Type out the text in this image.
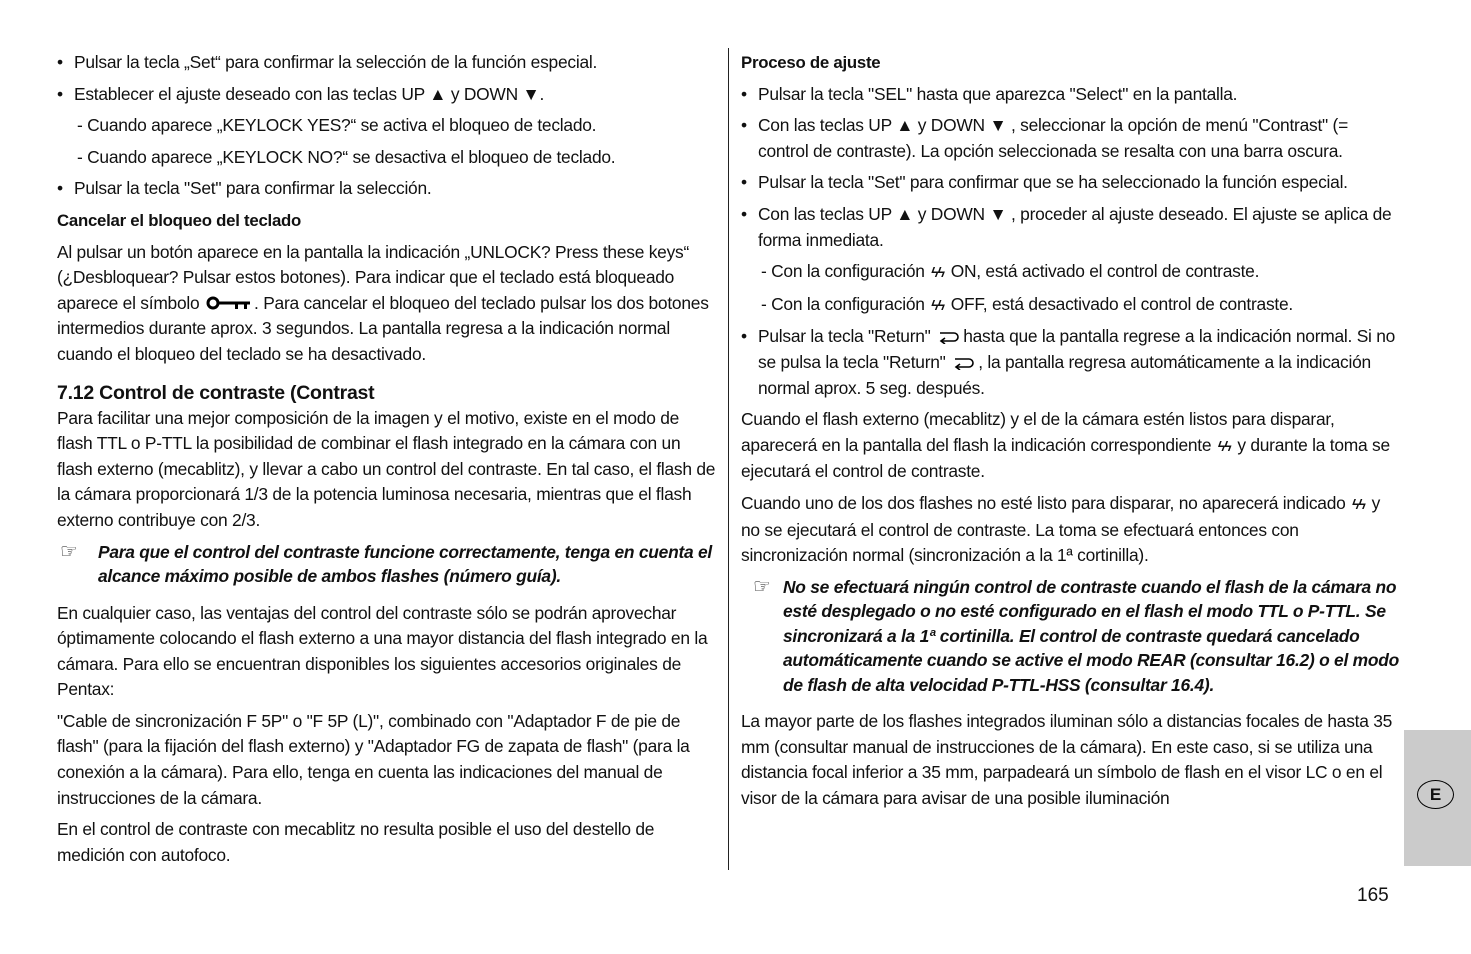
• Pulsar la tecla „Set“ para confirmar la selección de la función especial.

• Establecer el ajuste deseado con las teclas UP ▲ y DOWN ▼.

- Cuando aparece „KEYLOCK YES?“ se activa el bloqueo de teclado.

- Cuando aparece „KEYLOCK NO?“ se desactiva el bloqueo de teclado.

• Pulsar la tecla "Set" para confirmar la selección.

Cancelar el bloqueo del teclado

Al pulsar un botón aparece en la pantalla la indicación „UNLOCK? Press these keys“ (¿Desbloquear? Pulsar estos botones). Para indicar que el teclado está bloqueado aparece el símbolo	. Para cancelar el bloqueo del teclado pulsar los dos botones intermedios durante aprox. 3 segundos. La pantalla regresa a la indicación normal cuando el bloqueo del teclado se ha desactivado.

7.12 Control de contraste (Contrast

Para facilitar una mejor composición de la imagen y el motivo, existe en el modo de flash TTL o P-TTL la posibilidad de combinar el flash integrado en la cámara con un flash externo (mecablitz), y llevar a cabo un control del contraste. En tal caso, el flash de la cámara proporcionará 1/3 de la potencia luminosa necesaria, mientras que el flash externo contribuye con 2/3.

☞ Para que el control del contraste funcione correctamente, tenga en cuenta el alcance máximo posible de ambos flashes (número guía).

En cualquier caso, las ventajas del control del contraste sólo se podrán aprovechar óptimamente colocando el flash externo a una mayor distancia del flash integrado en la cámara. Para ello se encuentran disponibles los siguientes accesorios originales de Pentax:

"Cable de sincronización F 5P" o "F 5P (L)", combinado con "Adaptador F de pie de flash" (para la fijación del flash externo) y "Adaptador FG de zapata de flash" (para la conexión a la cámara). Para ello, tenga en cuenta las indicaciones del manual de instrucciones de la cámara.

En el control de contraste con mecablitz no resulta posible el uso del destello de medición con autofoco.

Proceso de ajuste

• Pulsar la tecla "SEL" hasta que aparezca "Select" en la pantalla.

• Con las teclas UP ▲ y DOWN ▼ , seleccionar la opción de menú "Contrast" (= control de contraste). La opción seleccionada se resalta con una barra oscura.

• Pulsar la tecla "Set" para confirmar que se ha seleccionado la función especial.

• Con las teclas UP ▲ y DOWN ▼ , proceder al ajuste deseado. El ajuste se aplica de forma inmediata.

- Con la configuración ϟϟ ON, está activado el control de contraste.

- Con la configuración ϟϟ OFF, está desactivado el control de contraste.

• Pulsar la tecla "Return" hasta que la pantalla regrese a la indicación normal. Si no se pulsa la tecla "Return" , la pantalla regresa automáticamente a la indicación normal aprox. 5 seg. después.

Cuando el flash externo (mecablitz) y el de la cámara estén listos para disparar, aparecerá en la pantalla del flash la indicación correspondiente ϟϟ y durante la toma se ejecutará el control de contraste.

Cuando uno de los dos flashes no esté listo para disparar, no aparecerá indicado ϟϟ y no se ejecutará el control de contraste. La toma se efectuará entonces con sincronización normal (sincronización a la 1ª cortinilla).

☞ No se efectuará ningún control de contraste cuando el flash de la cámara no esté desplegado o no esté configurado en el flash el modo TTL o P-TTL. Se sincronizará a la 1ª cortinilla. El control de contraste quedará cancelado automáticamente cuando se active el modo REAR (consultar 16.2) o el modo de flash de alta velocidad P-TTL-HSS (consultar 16.4).

La mayor parte de los flashes integrados iluminan sólo a distancias focales de hasta 35 mm (consultar manual de instrucciones de la cámara). En este caso, si se utiliza una distancia focal inferior a 35 mm, parpadeará un símbolo de flash en el visor LC o en el visor de la cámara para avisar de una posible iluminación	E
165
